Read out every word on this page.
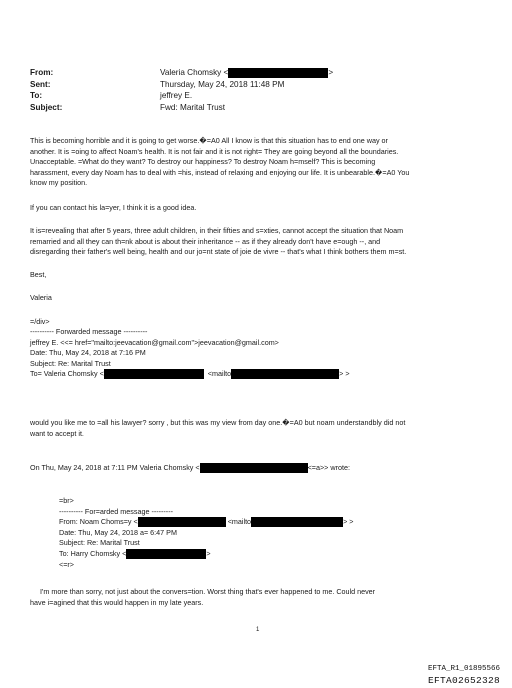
From:	Valeria Chomsky <	>
Sent:	Thursday, May 24, 2018 11:48 PM
To:	jeffrey E.
Subject:	Fwd: Marital Trust
This is becoming horrible and it is going to get worse.�=A0 All I know is that this situation has to end one way or
another. It is =oing to affect Noam's health. It is not fair and it is not right= They are going beyond all the boundaries.
Unacceptable. =What do they want? To destroy our happiness? To destroy Noam h=mself? This is becoming
harassment, every day Noam has to deal with =his, instead of relaxing and enjoying our life. It is unbearable.�=A0 You
know my position.
If you can contact his la=yer, I think it is a good idea.
It is=revealing that after 5 years, three adult children, in their fifties and s=xties, cannot accept the situation that Noam
remarried and all they can th=nk about is about their inheritance -- as if they already don't have e=ough --, and
disregarding their father's well being, health and our jo=nt state of joie de vivre -- that's what I think bothers them m=st.
Best,
Valeria
=/div>
---------- Forwarded message ----------
jeffrey E. <<= href="mailto:jeevacation@gmail.com">jeevacation@gmail.com>
Date: Thu, May 24, 2018 at 7:16 PM
Subject: Re: Marital Trust
To= Valeria Chomsky <	<mailto	> >
would you like me to =all his lawyer? sorry , but this was my view from day one.�=A0 but noam understandbly did not
want to accept it.
On Thu, May 24, 2018 at 7:11 PM Valeria Chomsky <	<=a>> wrote:
=br>
---------- For=arded message ---------
From: Noam Choms=y <	<mailto	> >
Date: Thu, May 24, 2018 a= 6:47 PM
Subject: Re: Marital Trust
To: Harry Chomsky <	>
<=r>
I'm more than sorry, not just about the convers=tion. Worst thing that's ever happened to me. Could never
have i=agined that this would happen in my late years.
1
EFTA_R1_01895566
EFTA02652328
